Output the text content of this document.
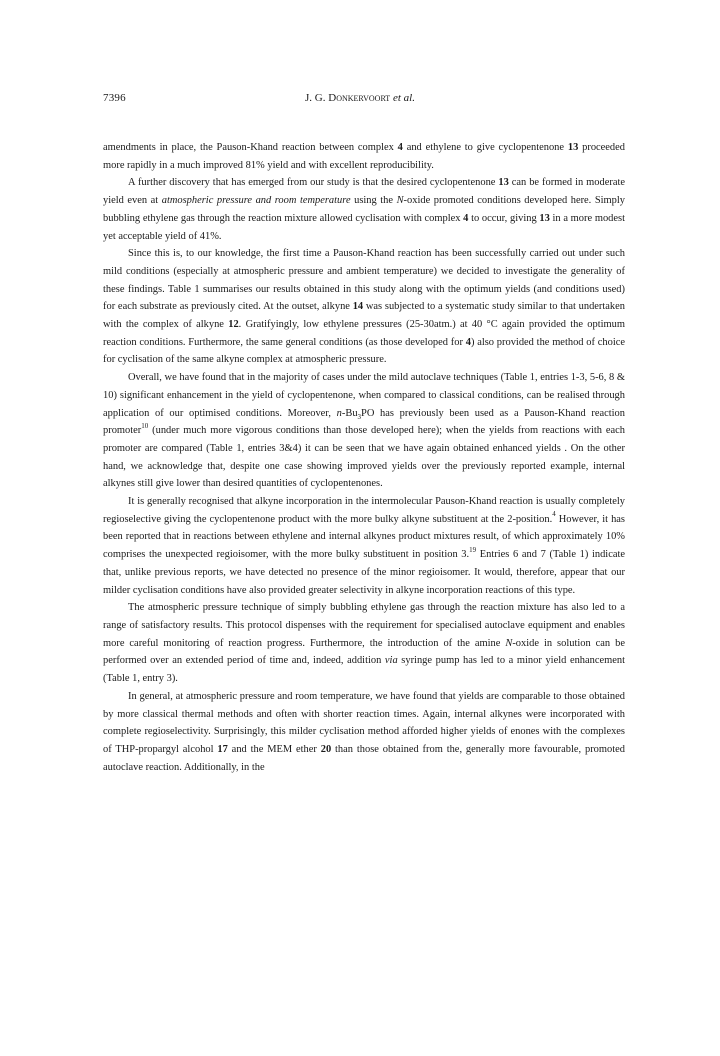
7396	J. G. Donkervoort et al.

amendments in place, the Pauson-Khand reaction between complex 4 and ethylene to give cyclopentenone 13 proceeded more rapidly in a much improved 81% yield and with excellent reproducibility.

A further discovery that has emerged from our study is that the desired cyclopentenone 13 can be formed in moderate yield even at atmospheric pressure and room temperature using the N-oxide promoted conditions developed here. Simply bubbling ethylene gas through the reaction mixture allowed cyclisation with complex 4 to occur, giving 13 in a more modest yet acceptable yield of 41%.

Since this is, to our knowledge, the first time a Pauson-Khand reaction has been successfully carried out under such mild conditions (especially at atmospheric pressure and ambient temperature) we decided to investigate the generality of these findings. Table 1 summarises our results obtained in this study along with the optimum yields (and conditions used) for each substrate as previously cited. At the outset, alkyne 14 was subjected to a systematic study similar to that undertaken with the complex of alkyne 12. Gratifyingly, low ethylene pressures (25-30atm.) at 40 °C again provided the optimum reaction conditions. Furthermore, the same general conditions (as those developed for 4) also provided the method of choice for cyclisation of the same alkyne complex at atmospheric pressure.

Overall, we have found that in the majority of cases under the mild autoclave techniques (Table 1, entries 1-3, 5-6, 8 & 10) significant enhancement in the yield of cyclopentenone, when compared to classical conditions, can be realised through application of our optimised conditions. Moreover, $n-Bu_3PO$ has previously been used as a Pauson-Khand reaction promoter$^{10}$ (under much more vigorous conditions than those developed here); when the yields from reactions with each promoter are compared (Table 1, entries 3&4) it can be seen that we have again obtained enhanced yields . On the other hand, we acknowledge that, despite one case showing improved yields over the previously reported example, internal alkynes still give lower than desired quantities of cyclopentenones.

It is generally recognised that alkyne incorporation in the intermolecular Pauson-Khand reaction is usually completely regioselective giving the cyclopentenone product with the more bulky alkyne substituent at the 2-position.$^4$ However, it has been reported that in reactions between ethylene and internal alkynes product mixtures result, of which approximately 10% comprises the unexpected regioisomer, with the more bulky substituent in position 3.19 Entries 6 and 7 (Table 1) indicate that, unlike previous reports, we have detected no presence of the minor regioisomer. It would, therefore, appear that our milder cyclisation conditions have also provided greater selectivity in alkyne incorporation reactions of this type.

The atmospheric pressure technique of simply bubbling ethylene gas through the reaction mixture has also led to a range of satisfactory results. This protocol dispenses with the requirement for specialised autoclave equipment and enables more careful monitoring of reaction progress. Furthermore, the introduction of the amine N-oxide in solution can be performed over an extended period of time and, indeed, addition via syringe pump has led to a minor yield enhancement (Table 1, entry 3).

In general, at atmospheric pressure and room temperature, we have found that yields are comparable to those obtained by more classical thermal methods and often with shorter reaction times. Again, internal alkynes were incorporated with complete regioselectivity. Surprisingly, this milder cyclisation method afforded higher yields of enones with the complexes of THP-propargyl alcohol 17 and the MEM ether 20 than those obtained from the, generally more favourable, promoted autoclave reaction. Additionally, in the
